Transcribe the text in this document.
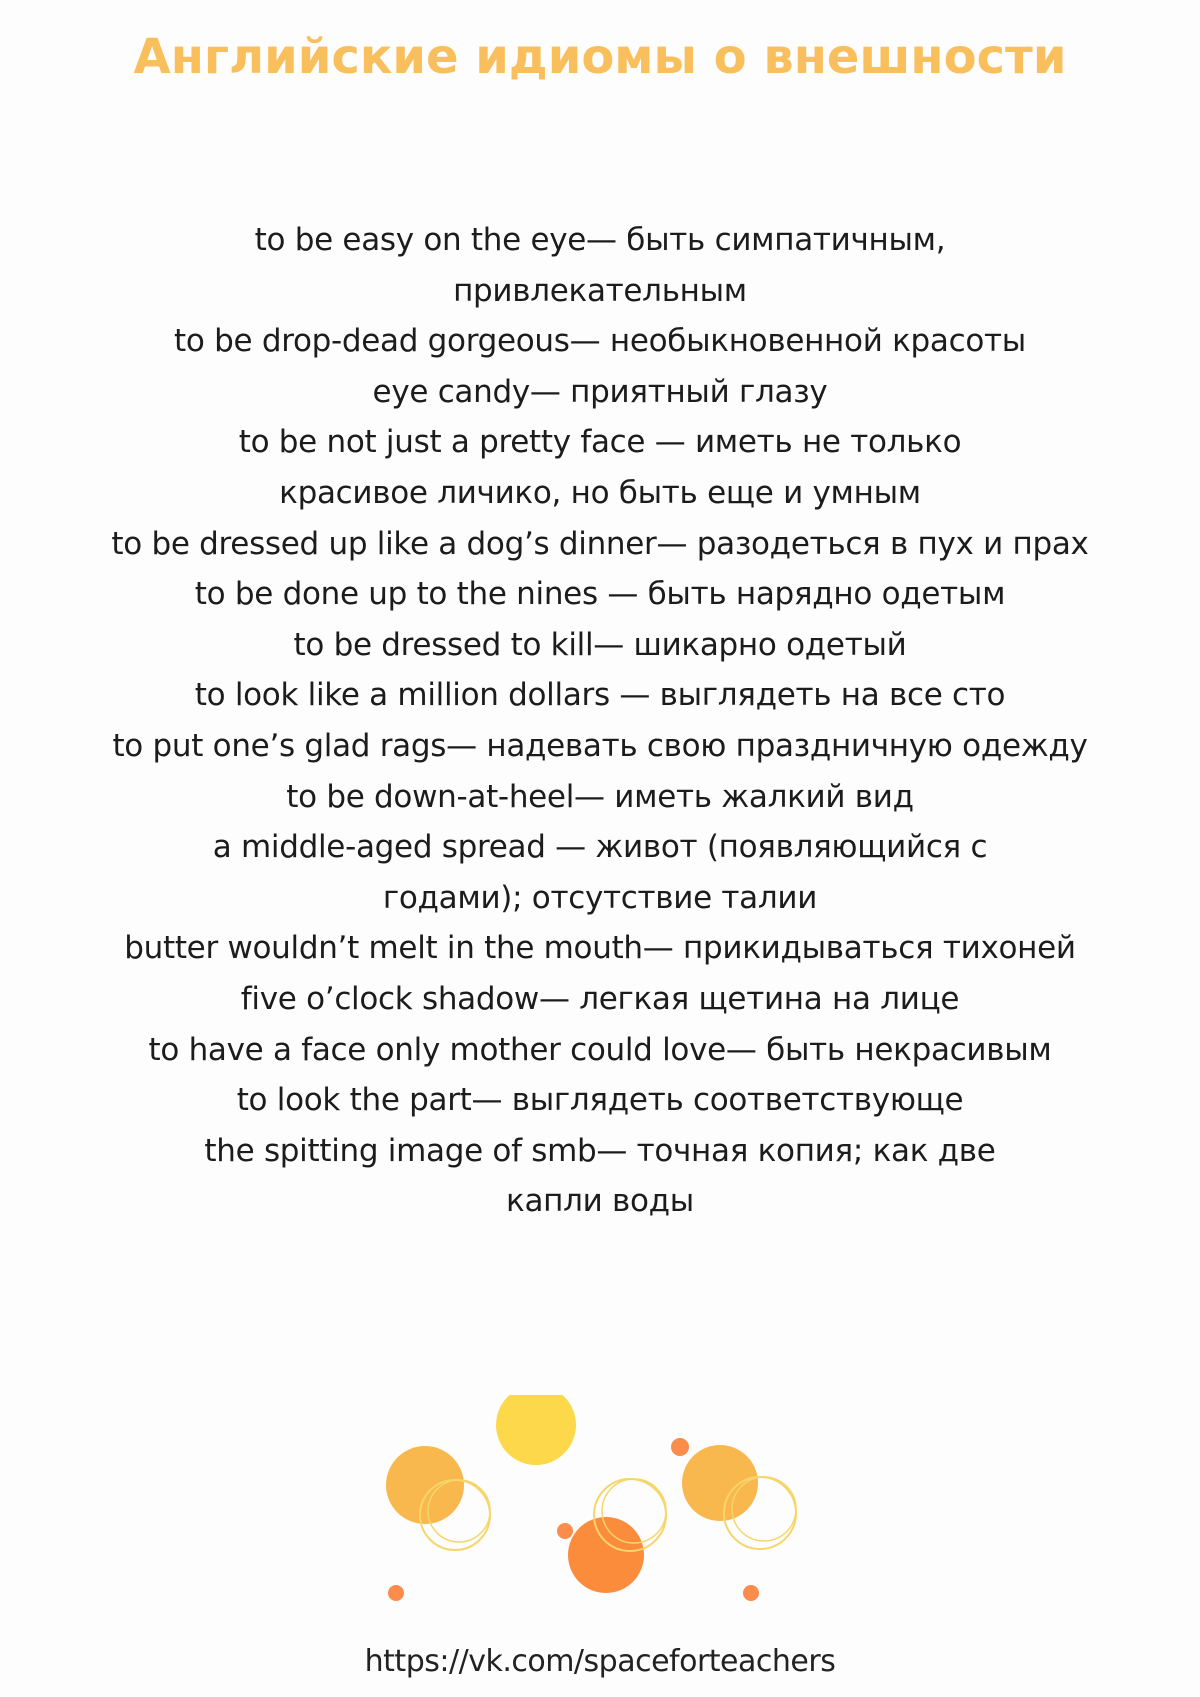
Английские идиомы о внешности
to be easy on the eye— быть симпатичным, привлекательным
to be drop-dead gorgeous— необыкновенной красоты
eye candy— приятный глазу
to be not just a pretty face — иметь не только красивое личико, но быть еще и умным
to be dressed up like a dog’s dinner— разодеться в пух и прах
to be done up to the nines — быть нарядно одетым
to be dressed to kill— шикарно одетый
to look like a million dollars — выглядеть на все сто
to put one’s glad rags— надевать свою праздничную одежду
to be down-at-heel— иметь жалкий вид
a middle-aged spread — живот (появляющийся с годами); отсутствие талии
butter wouldn’t melt in the mouth— прикидываться тихоней
five o’clock shadow— легкая щетина на лице
to have a face only mother could love— быть некрасивым
to look the part— выглядеть соответствующе
the spitting image of smb— точная копия; как две капли воды
https://vk.com/spaceforteachers
